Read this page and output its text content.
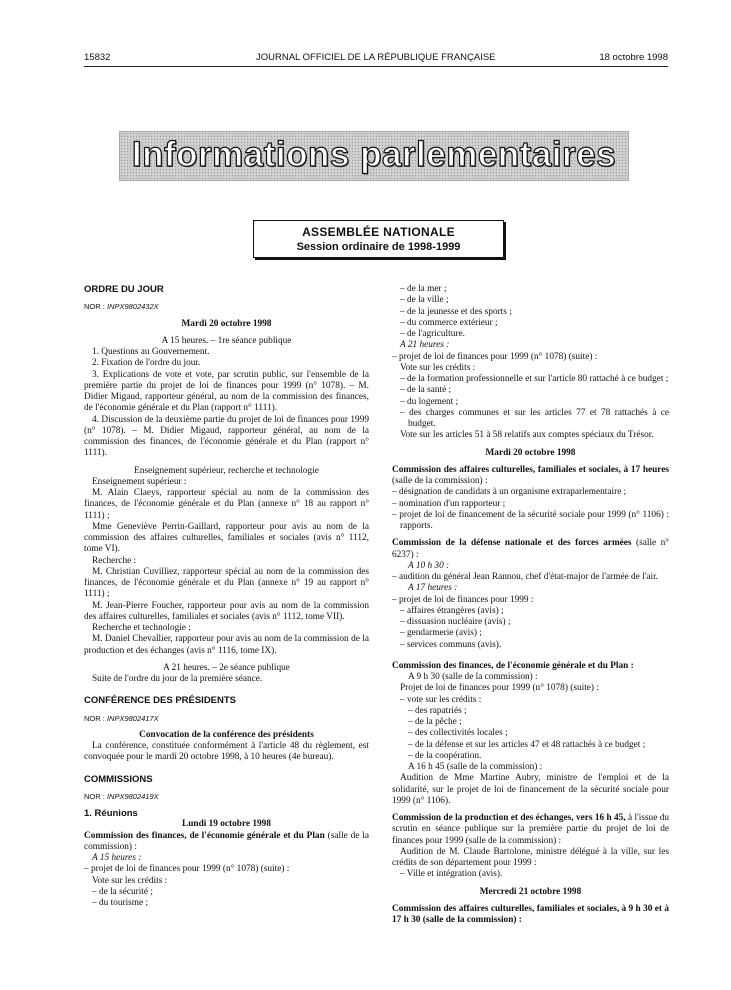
15832	JOURNAL OFFICIEL DE LA RÉPUBLIQUE FRANÇAISE	18 octobre 1998
Informations parlementaires
ASSEMBLÉE NATIONALE
Session ordinaire de 1998-1999

ORDRE DU JOUR

NOR : INPX9802432X

Mardi 20 octobre 1998

A 15 heures. – 1re séance publique

1. Questions au Gouvernement.

2. Fixation de l'ordre du jour.

3. Explications de vote et vote, par scrutin public, sur l'ensemble de la première partie du projet de loi de finances pour 1999 (n° 1078). – M. Didier Migaud, rapporteur général, au nom de la commission des finances, de l'économie générale et du Plan (rapport n° 1111).

4. Discussion de la deuxième partie du projet de loi de finances pour 1999 (n° 1078). – M. Didier Migaud, rapporteur général, au nom de la commission des finances, de l'économie générale et du Plan (rapport n° 1111).

Enseignement supérieur, recherche et technologie

Enseignement supérieur :

M. Alain Claeys, rapporteur spécial au nom de la commission des finances, de l'économie générale et du Plan (annexe n° 18 au rapport n° 1111) ;

Mme Geneviève Perrin-Gaillard, rapporteur pour avis au nom de la commission des affaires culturelles, familiales et sociales (avis n° 1112, tome VI).

Recherche :

M. Christian Cuvilliez, rapporteur spécial au nom de la commission des finances, de l'économie générale et du Plan (annexe n° 19 au rapport n° 1111) ;

M. Jean-Pierre Foucher, rapporteur pour avis au nom de la commission des affaires culturelles, familiales et sociales (avis n° 1112, tome VII).

Recherche et technologie :

M. Daniel Chevallier, rapporteur pour avis au nom de la commission de la production et des échanges (avis n° 1116, tome IX).

A 21 heures. – 2e séance publique

Suite de l'ordre du jour de la première séance.

CONFÉRENCE DES PRÉSIDENTS

NOR : INPX9802417X

Convocation de la conférence des présidents

La conférence, constituée conformément à l'article 48 du règlement, est convoquée pour le mardi 20 octobre 1998, à 10 heures (4e bureau).

COMMISSIONS

NOR : INPX9802419X

1. Réunions

Lundi 19 octobre 1998

Commission des finances, de l'économie générale et du Plan (salle de la commission) :

A 15 heures :

– projet de loi de finances pour 1999 (n° 1078) (suite) :

Vote sur les crédits :

– de la sécurité ;

– du tourisme ;

– de la mer ;

– de la ville ;

– de la jeunesse et des sports ;

– du commerce extérieur ;

– de l'agriculture.

A 21 heures :

– projet de loi de finances pour 1999 (n° 1078) (suite) :

Vote sur les crédits :

– de la formation professionnelle et sur l'article 80 rattaché à ce budget ;

– de la santé ;

– du logement ;

– des charges communes et sur les articles 77 et 78 rattachés à ce budget.

Vote sur les articles 51 à 58 relatifs aux comptes spéciaux du Trésor.

Mardi 20 octobre 1998

Commission des affaires culturelles, familiales et sociales, à 17 heures (salle de la commission) :

– désignation de candidats à un organisme extraparlementaire ;

– nomination d'un rapporteur ;

– projet de loi de financement de la sécurité sociale pour 1999 (n° 1106) : rapports.

Commission de la défense nationale et des forces armées (salle n° 6237) :

A 10 h 30 :

– audition du général Jean Rannou, chef d'état-major de l'armée de l'air.

A 17 heures :

– projet de loi de finances pour 1999 :

– affaires étrangères (avis) ;

– dissuasion nucléaire (avis) ;

– gendarmerie (avis) ;

– services communs (avis).

Commission des finances, de l'économie générale et du Plan :

A 9 h 30 (salle de la commission) :

Projet de loi de finances pour 1999 (n° 1078) (suite) :

– vote sur les crédits :

– des rapatriés ;

– de la pêche ;

– des collectivités locales ;

– de la défense et sur les articles 47 et 48 rattachés à ce budget ;

– de la coopération.

A 16 h 45 (salle de la commission) :

Audition de Mme Martine Aubry, ministre de l'emploi et de la solidarité, sur le projet de loi de financement de la sécurité sociale pour 1999 (n° 1106).

Commission de la production et des échanges, vers 16 h 45, à l'issue du scrutin en séance publique sur la première partie du projet de loi de finances pour 1999 (salle de la commission) :

Audition de M. Claude Bartolone, ministre délégué à la ville, sur les crédits de son département pour 1999 :

– Ville et intégration (avis).

Mercredi 21 octobre 1998

Commission des affaires culturelles, familiales et sociales, à 9 h 30 et à 17 h 30 (salle de la commission) :
